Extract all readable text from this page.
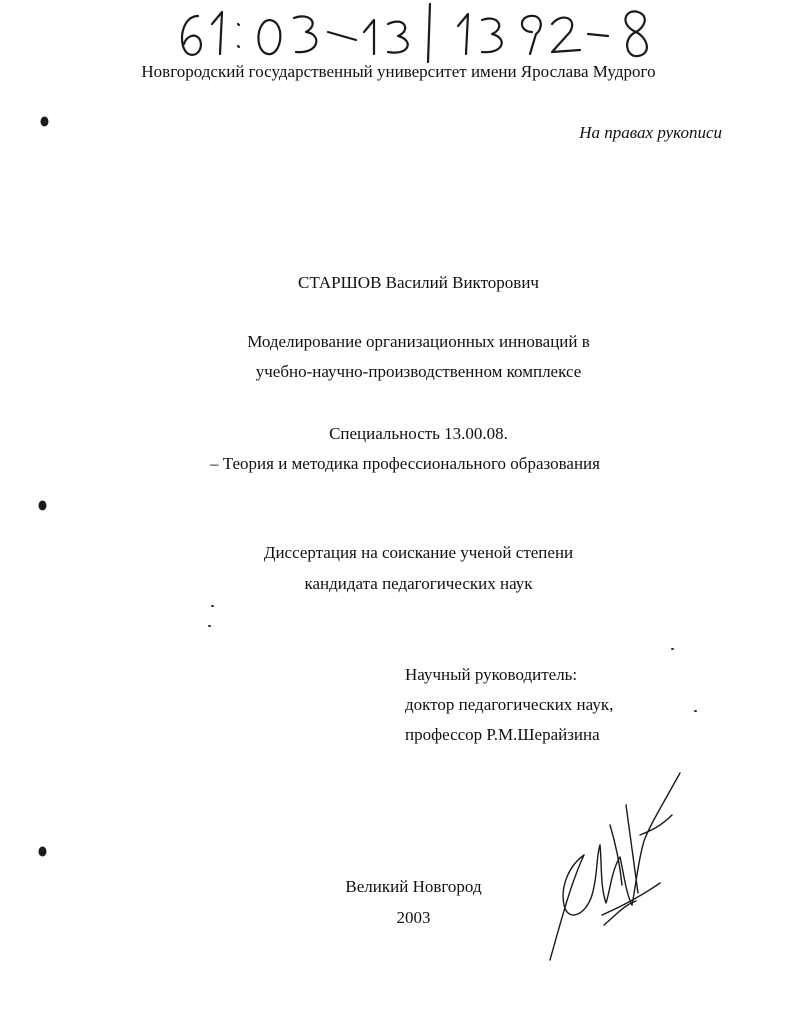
Новгородский государственный университет имени Ярослава Мудрого
На правах рукописи
СТАРШОВ Василий Викторович
Моделирование организационных инноваций в
учебно-научно-производственном комплексе
Специальность 13.00.08.
– Теория и методика профессионального образования
Диссертация на соискание ученой степени
кандидата педагогических наук
Научный руководитель:
доктор педагогических наук,
профессор Р.М.Шерайзина
Великий Новгород
2003
